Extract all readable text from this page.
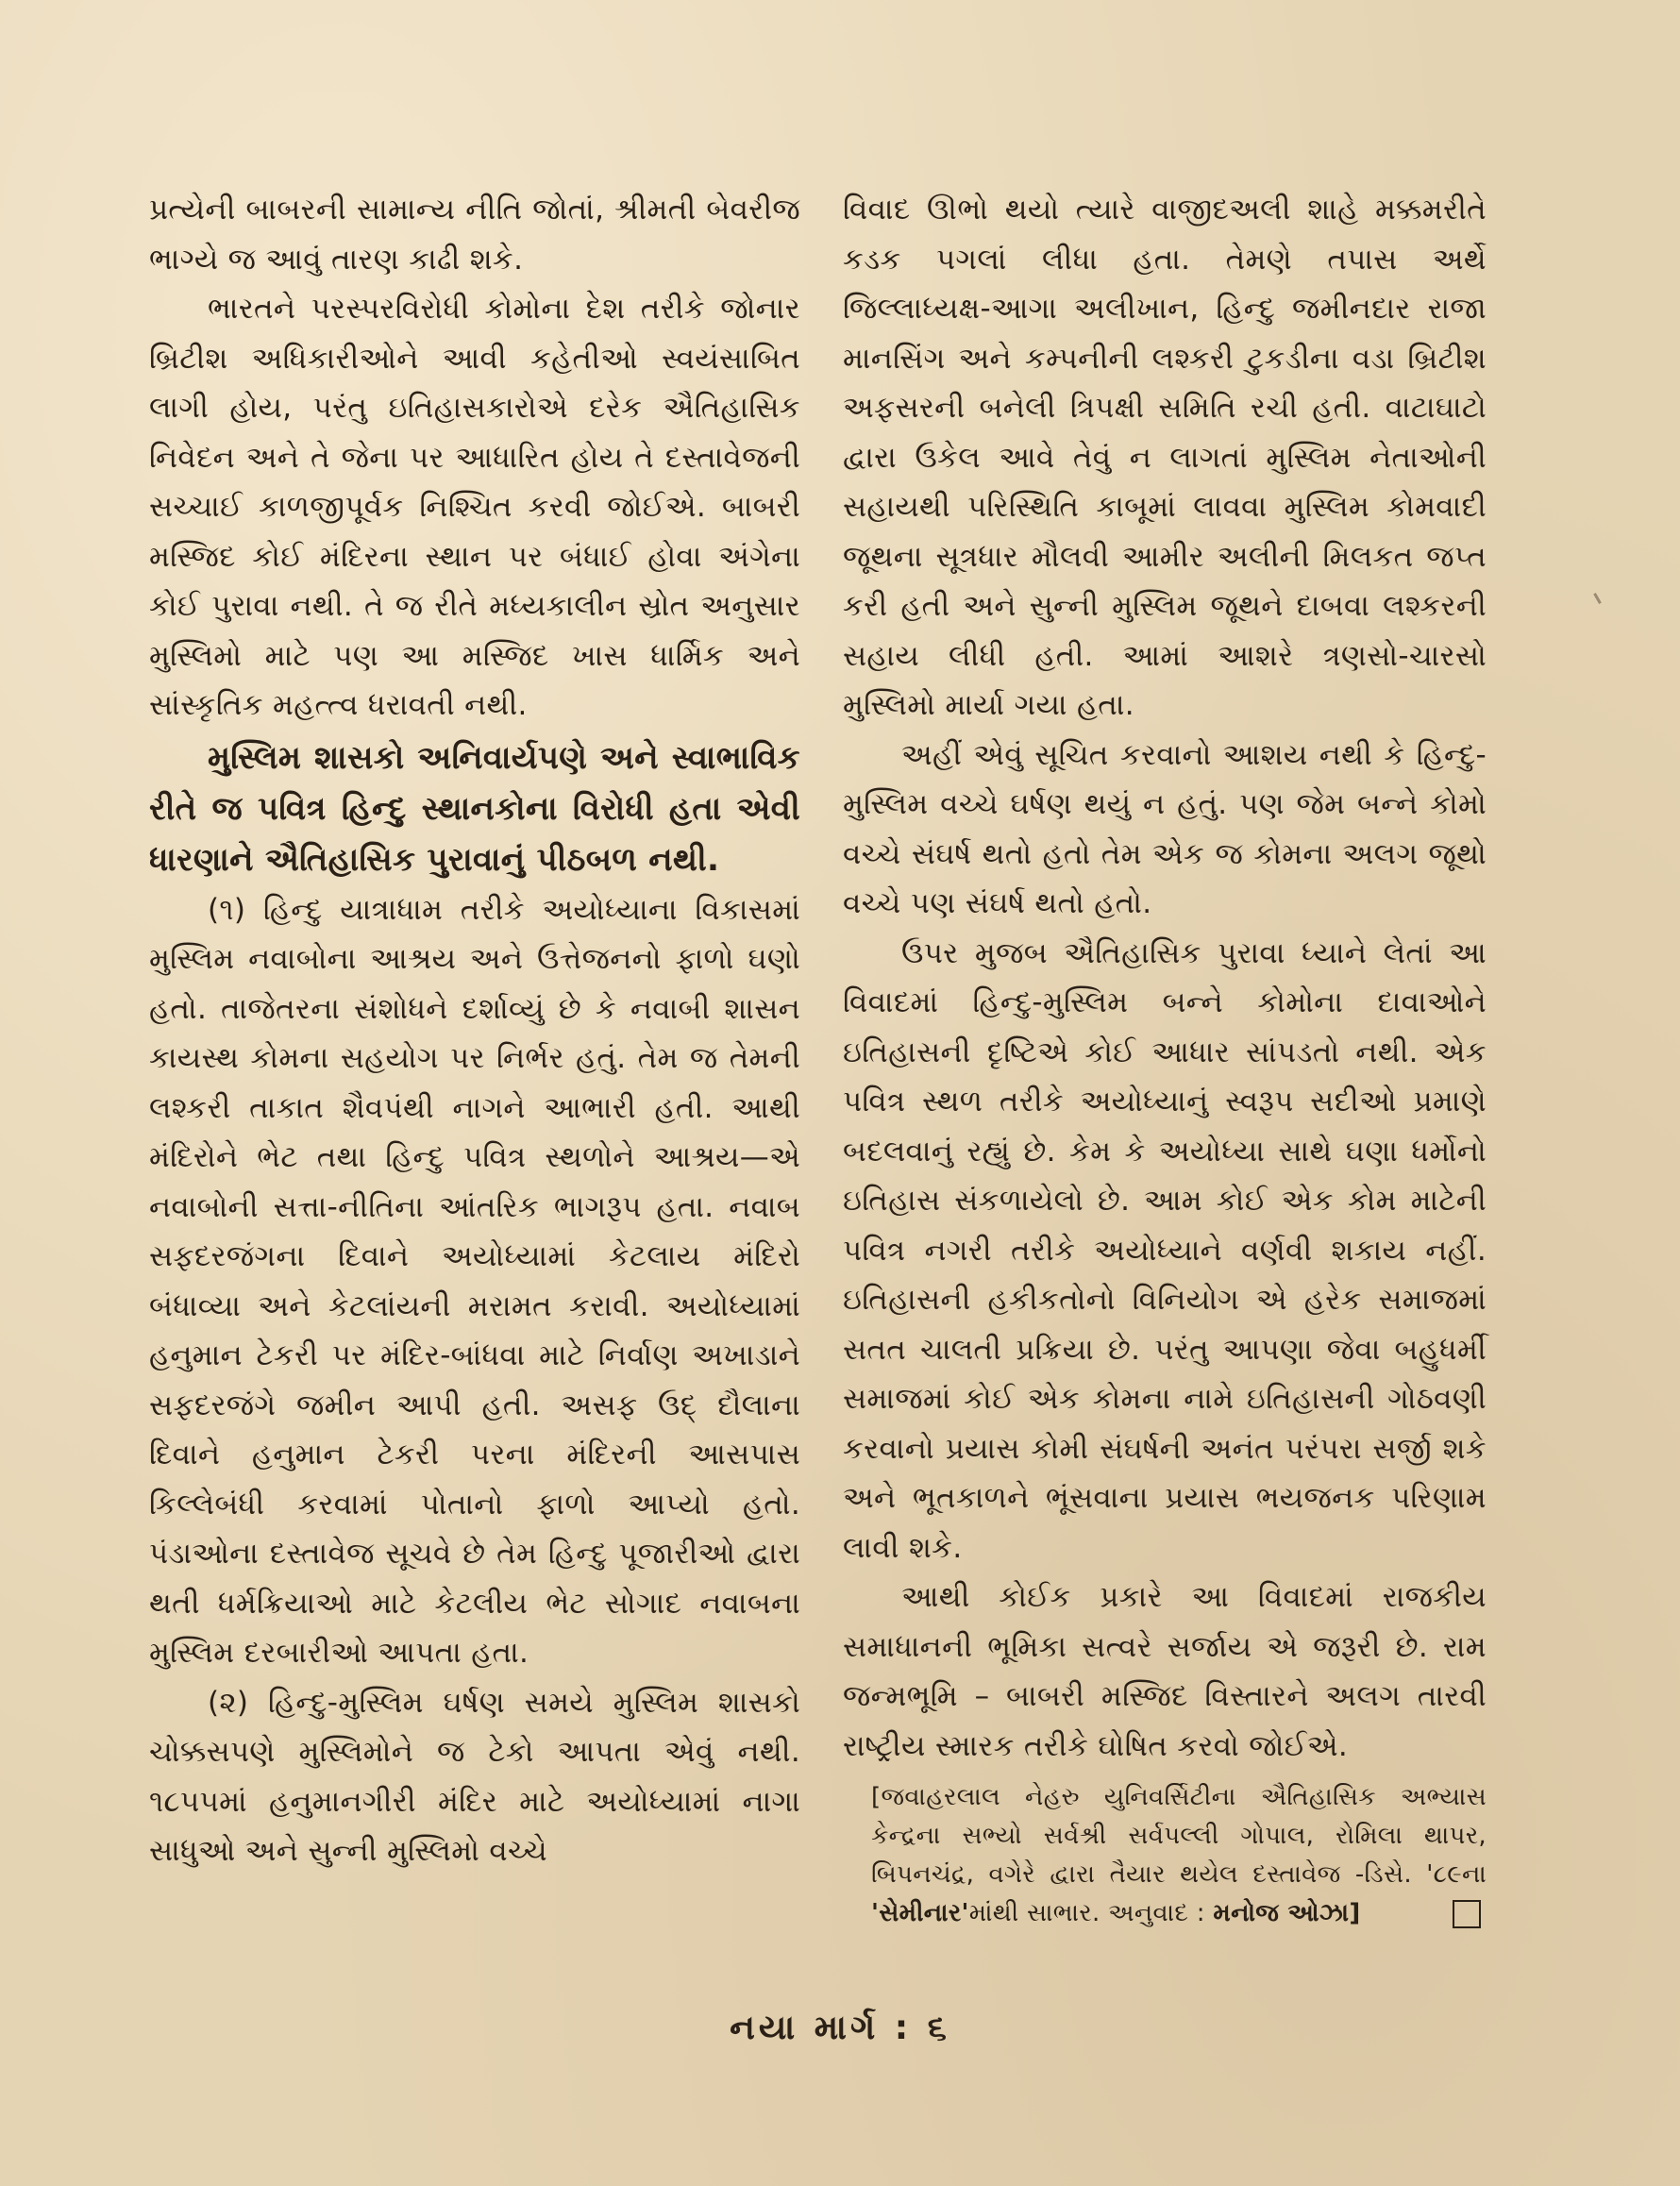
પ્રત્યેની બાબરની સામાન્ય નીતિ જોતાં, શ્રીમતી બેવરીજ ભાગ્યે જ આવું તારણ કાઢી શકે.

ભારતને પરસ્પરવિરોધી કોમોના દેશ તરીકે જોનાર બ્રિટીશ અધિકારીઓને આવી કહેતીઓ સ્વયંસાબિત લાગી હોય, પરંતુ ઇતિહાસકારોએ દરેક ઐતિહાસિક નિવેદન અને તે જેના પર આધારિત હોય તે દસ્તાવેજની સચ્ચાઈ કાળજીપૂર્વક નિશ્ચિત કરવી જોઈએ. બાબરી મસ્જિદ કોઈ મંદિરના સ્થાન પર બંધાઈ હોવા અંગેના કોઈ પુરાવા નથી. તે જ રીતે મધ્યકાલીન સ્રોત અનુસાર મુસ્લિમો માટે પણ આ મસ્જિદ ખાસ ધાર્મિક અને સાંસ્કૃતિક મહત્ત્વ ધરાવતી નથી.

મુસ્લિમ શાસકો અનિવાર્યપણે અને સ્વાભાવિક રીતે જ પવિત્ર હિન્દુ સ્થાનકોના વિરોધી હતા એવી ધારણાને ઐતિહાસિક પુરાવાનું પીઠબળ નથી.

(૧) હિન્દુ યાત્રાધામ તરીકે અયોધ્યાના વિકાસમાં મુસ્લિમ નવાબોના આશ્રય અને ઉત્તેજનનો ફાળો ઘણો હતો. તાજેતરના સંશોધને દર્શાવ્યું છે કે નવાબી શાસન કાયસ્થ કોમના સહયોગ પર નિર્ભર હતું. તેમ જ તેમની લશ્કરી તાકાત શૈવપંથી નાગને આભારી હતી. આથી મંદિરોને ભેટ તથા હિન્દુ પવિત્ર સ્થળોને આશ્રય—એ નવાબોની સત્તા-નીતિના આંતરિક ભાગરૂપ હતા. નવાબ સફદરજંગના દિવાને અયોધ્યામાં કેટલાય મંદિરો બંધાવ્યા અને કેટલાંયની મરામત કરાવી. અયોધ્યામાં હનુમાન ટેકરી પર મંદિર-બાંધવા માટે નિર્વાણ અખાડાને સફદરજંગે જમીન આપી હતી. અસફ ઉદ્ દૌલાના દિવાને હનુમાન ટેકરી પરના મંદિરની આસપાસ કિલ્લેબંધી કરવામાં પોતાનો ફાળો આપ્યો હતો. પંડાઓના દસ્તાવેજ સૂચવે છે તેમ હિન્દુ પૂજારીઓ દ્વારા થતી ધર્મક્રિયાઓ માટે કેટલીય ભેટ સોગાદ નવાબના મુસ્લિમ દરબારીઓ આપતા હતા.

(૨) હિન્દુ-મુસ્લિમ ઘર્ષણ સમયે મુસ્લિમ શાસકો ચોક્કસપણે મુસ્લિમોને જ ટેકો આપતા એવું નથી. ૧૮૫૫માં હનુમાનગીરી મંદિર માટે અયોધ્યામાં નાગા સાધુઓ અને સુન્ની મુસ્લિમો વચ્ચે

વિવાદ ઊભો થયો ત્યારે વાજીદઅલી શાહે મક્કમરીતે કડક પગલાં લીધા હતા. તેમણે તપાસ અર્થે જિલ્લાધ્યક્ષ-આગા અલીખાન, હિન્દુ જમીનદાર રાજા માનસિંગ અને કમ્પનીની લશ્કરી ટુકડીના વડા બ્રિટીશ અફસરની બનેલી ત્રિપક્ષી સમિતિ રચી હતી. વાટાઘાટો દ્વારા ઉકેલ આવે તેવું ન લાગતાં મુસ્લિમ નેતાઓની સહાયથી પરિસ્થિતિ કાબૂમાં લાવવા મુસ્લિમ કોમવાદી જૂથના સૂત્રધાર મૌલવી આમીર અલીની મિલકત જપ્ત કરી હતી અને સુન્ની મુસ્લિમ જૂથને દાબવા લશ્કરની સહાય લીધી હતી. આમાં આશરે ત્રણસો-ચારસો મુસ્લિમો માર્યા ગયા હતા.

અહીં એવું સૂચિત કરવાનો આશય નથી કે હિન્દુ-મુસ્લિમ વચ્ચે ઘર્ષણ થયું ન હતું. પણ જેમ બન્ને કોમો વચ્ચે સંઘર્ષ થતો હતો તેમ એક જ કોમના અલગ જૂથો વચ્ચે પણ સંઘર્ષ થતો હતો.

ઉપર મુજબ ઐતિહાસિક પુરાવા ધ્યાને લેતાં આ વિવાદમાં હિન્દુ-મુસ્લિમ બન્ને કોમોના દાવાઓને ઇતિહાસની દૃષ્ટિએ કોઈ આધાર સાંપડતો નથી. એક પવિત્ર સ્થળ તરીકે અયોધ્યાનું સ્વરૂપ સદીઓ પ્રમાણે બદલવાનું રહ્યું છે. કેમ કે અયોધ્યા સાથે ઘણા ધર્મોનો ઇતિહાસ સંકળાયેલો છે. આમ કોઈ એક કોમ માટેની પવિત્ર નગરી તરીકે અયોધ્યાને વર્ણવી શકાય નહીં. ઇતિહાસની હકીકતોનો વિનિયોગ એ હરેક સમાજમાં સતત ચાલતી પ્રક્રિયા છે. પરંતુ આપણા જેવા બહુધર્મી સમાજમાં કોઈ એક કોમના નામે ઇતિહાસની ગોઠવણી કરવાનો પ્રયાસ કોમી સંઘર્ષની અનંત પરંપરા સર્જી શકે અને ભૂતકાળને ભૂંસવાના પ્રયાસ ભયજનક પરિણામ લાવી શકે.

આથી કોઈક પ્રકારે આ વિવાદમાં રાજકીય સમાધાનની ભૂમિકા સત્વરે સર્જાય એ જરૂરી છે. રામ જન્મભૂમિ – બાબરી મસ્જિદ વિસ્તારને અલગ તારવી રાષ્ટ્રીય સ્મારક તરીકે ઘોષિત કરવો જોઈએ.

[જવાહરલાલ નેહરુ યુનિવર્સિટીના ઐતિહાસિક અભ્યાસ કેન્દ્રના સભ્યો સર્વશ્રી સર્વપલ્લી ગોપાલ, રોમિલા થાપર, બિપનચંદ્ર, વગેરે દ્વારા તૈયાર થયેલ દસ્તાવેજ -ડિસે. '૮૯ના 'સેમીનાર'માંથી સાભાર. અનુવાદ : મનોજ ઓઝા]

નયા માર્ગ : ૬
